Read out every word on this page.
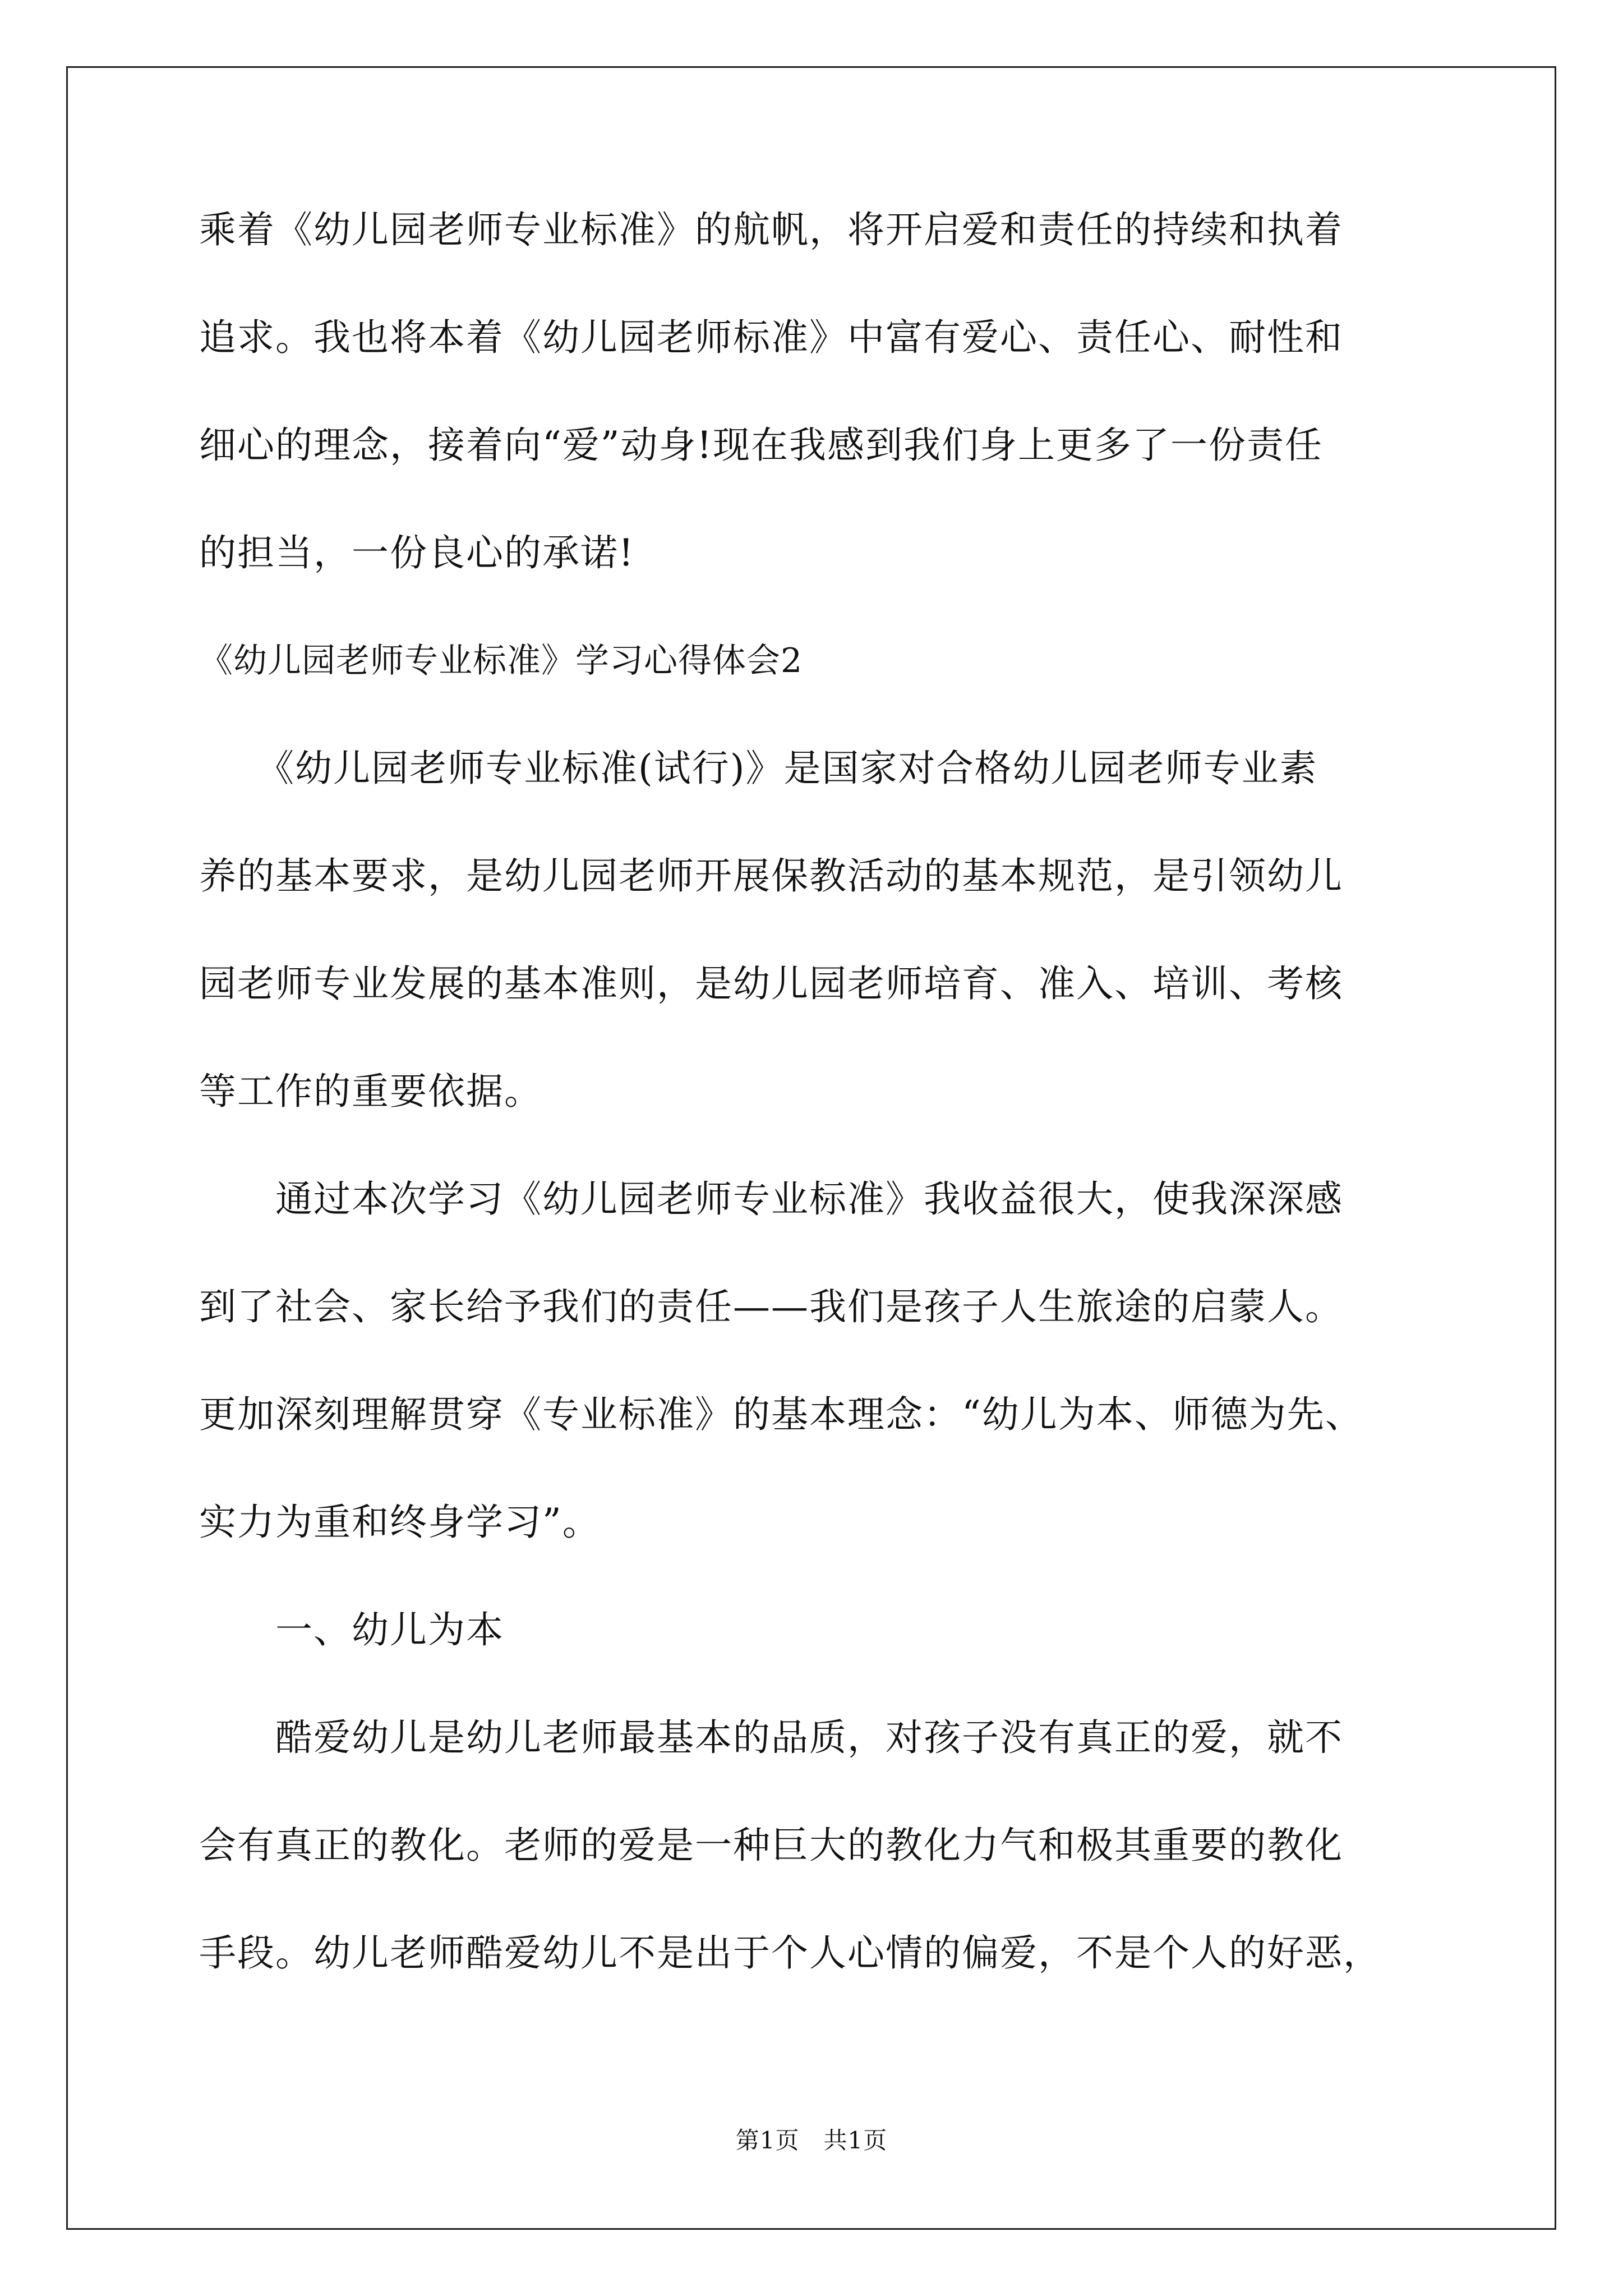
乘着《幼儿园老师专业标准》的航帆，将开启爱和责任的持续和执着
追求。我也将本着《幼儿园老师标准》中富有爱心、责任心、耐性和
细心的理念，接着向“爱”动身!现在我感到我们身上更多了一份责任
的担当，一份良心的承诺!
《幼儿园老师专业标准》学习心得体会2
　　《幼儿园老师专业标准(试行)》是国家对合格幼儿园老师专业素
养的基本要求，是幼儿园老师开展保教活动的基本规范，是引领幼儿
园老师专业发展的基本准则，是幼儿园老师培育、准入、培训、考核
等工作的重要依据。
　　通过本次学习《幼儿园老师专业标准》我收益很大，使我深深感
到了社会、家长给予我们的责任——我们是孩子人生旅途的启蒙人。
更加深刻理解贯穿《专业标准》的基本理念：“幼儿为本、师德为先、
实力为重和终身学习”。
　　一、幼儿为本
　　酷爱幼儿是幼儿老师最基本的品质，对孩子没有真正的爱，就不
会有真正的教化。老师的爱是一种巨大的教化力气和极其重要的教化
手段。幼儿老师酷爱幼儿不是出于个人心情的偏爱，不是个人的好恶，
第1页　共1页
